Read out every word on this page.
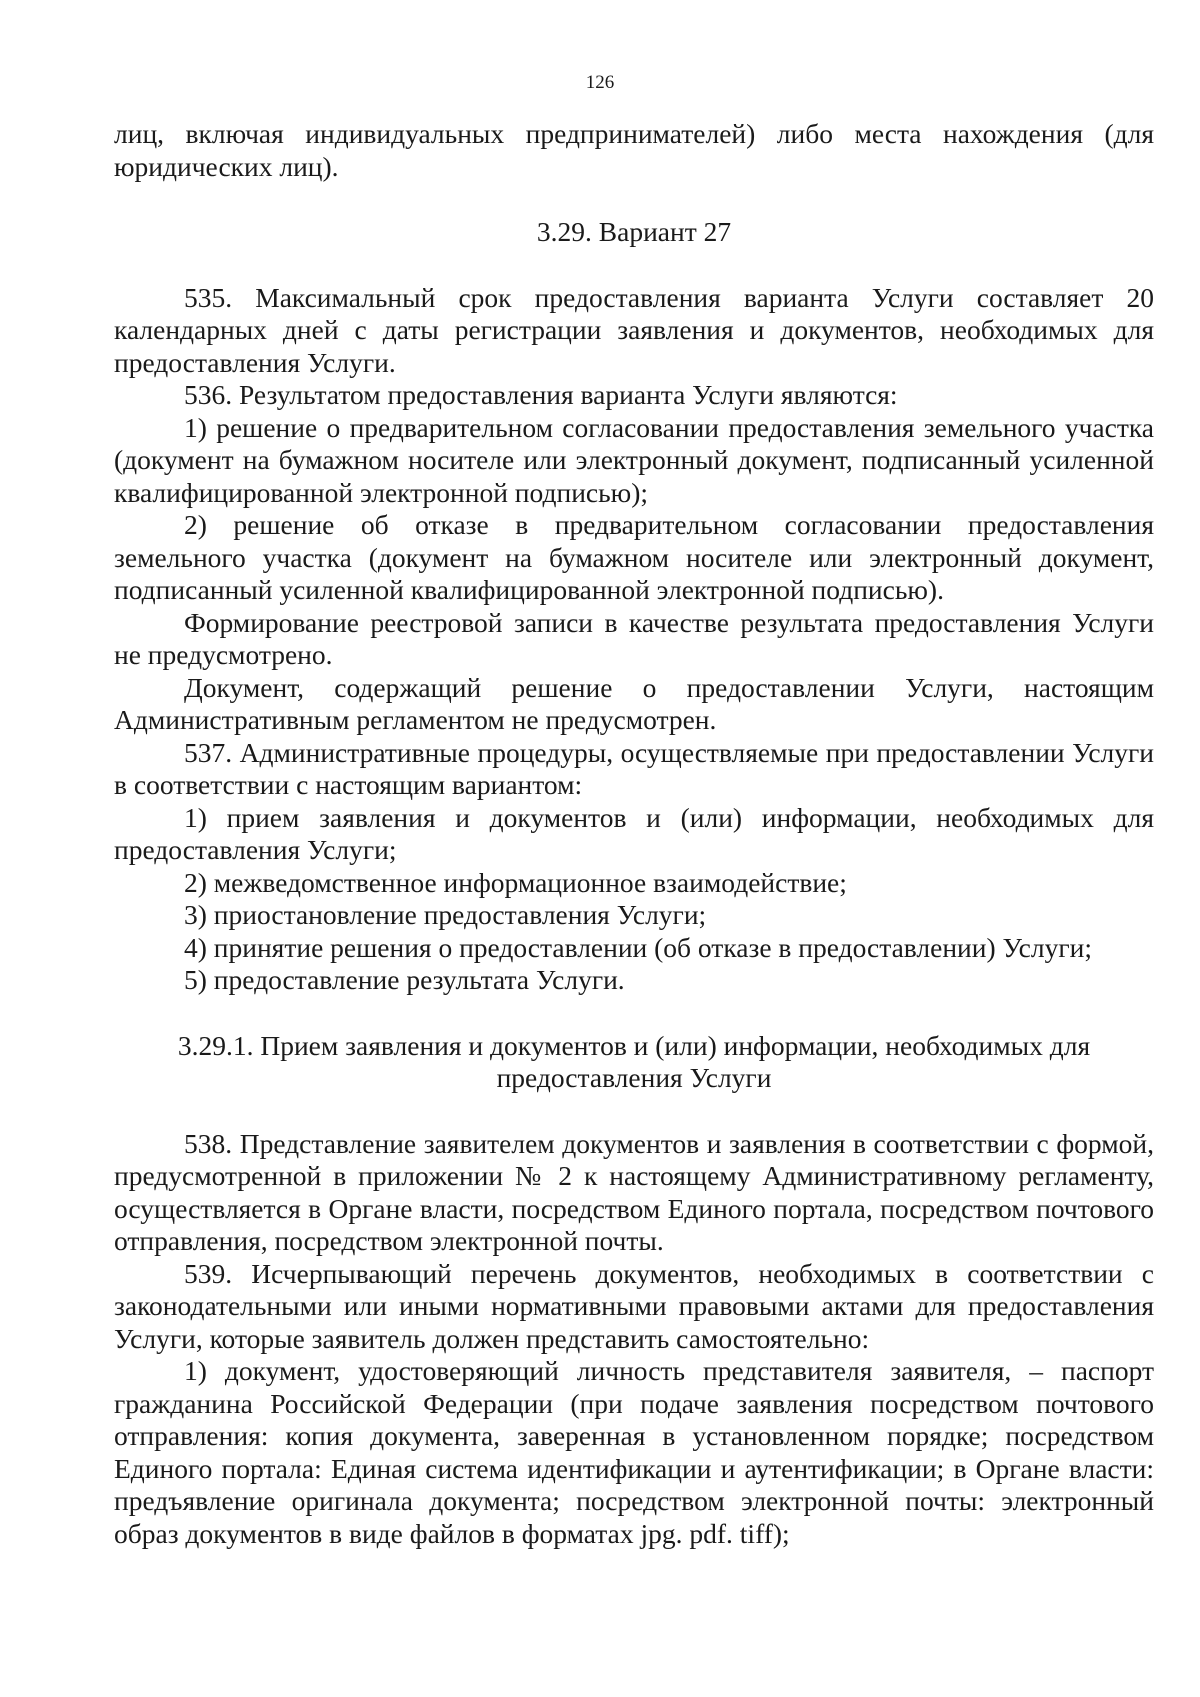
126

лиц, включая индивидуальных предпринимателей) либо места нахождения (для юридических лиц).

3.29. Вариант 27

535. Максимальный срок предоставления варианта Услуги составляет 20 календарных дней с даты регистрации заявления и документов, необходимых для предоставления Услуги.

536. Результатом предоставления варианта Услуги являются:

1) решение о предварительном согласовании предоставления земельного участка (документ на бумажном носителе или электронный документ, подписанный усиленной квалифицированной электронной подписью);

2) решение об отказе в предварительном согласовании предоставления земельного участка (документ на бумажном носителе или электронный документ, подписанный усиленной квалифицированной электронной подписью).

Формирование реестровой записи в качестве результата предоставления Услуги не предусмотрено.

Документ, содержащий решение о предоставлении Услуги, настоящим Административным регламентом не предусмотрен.

537. Административные процедуры, осуществляемые при предоставлении Услуги в соответствии с настоящим вариантом:

1) прием заявления и документов и (или) информации, необходимых для предоставления Услуги;

2) межведомственное информационное взаимодействие;

3) приостановление предоставления Услуги;

4) принятие решения о предоставлении (об отказе в предоставлении) Услуги;

5) предоставление результата Услуги.

3.29.1. Прием заявления и документов и (или) информации, необходимых для
предоставления Услуги

538. Представление заявителем документов и заявления в соответствии с формой, предусмотренной в приложении № 2 к настоящему Административному регламенту, осуществляется в Органе власти, посредством Единого портала, посредством почтового отправления, посредством электронной почты.

539. Исчерпывающий перечень документов, необходимых в соответствии с законодательными или иными нормативными правовыми актами для предоставления Услуги, которые заявитель должен представить самостоятельно:

1) документ, удостоверяющий личность представителя заявителя, – паспорт гражданина Российской Федерации (при подаче заявления посредством почтового отправления: копия документа, заверенная в установленном порядке; посредством Единого портала: Единая система идентификации и аутентификации; в Органе власти: предъявление оригинала документа; посредством электронной почты: электронный образ документов в виде файлов в форматах jpg. pdf. tiff);
